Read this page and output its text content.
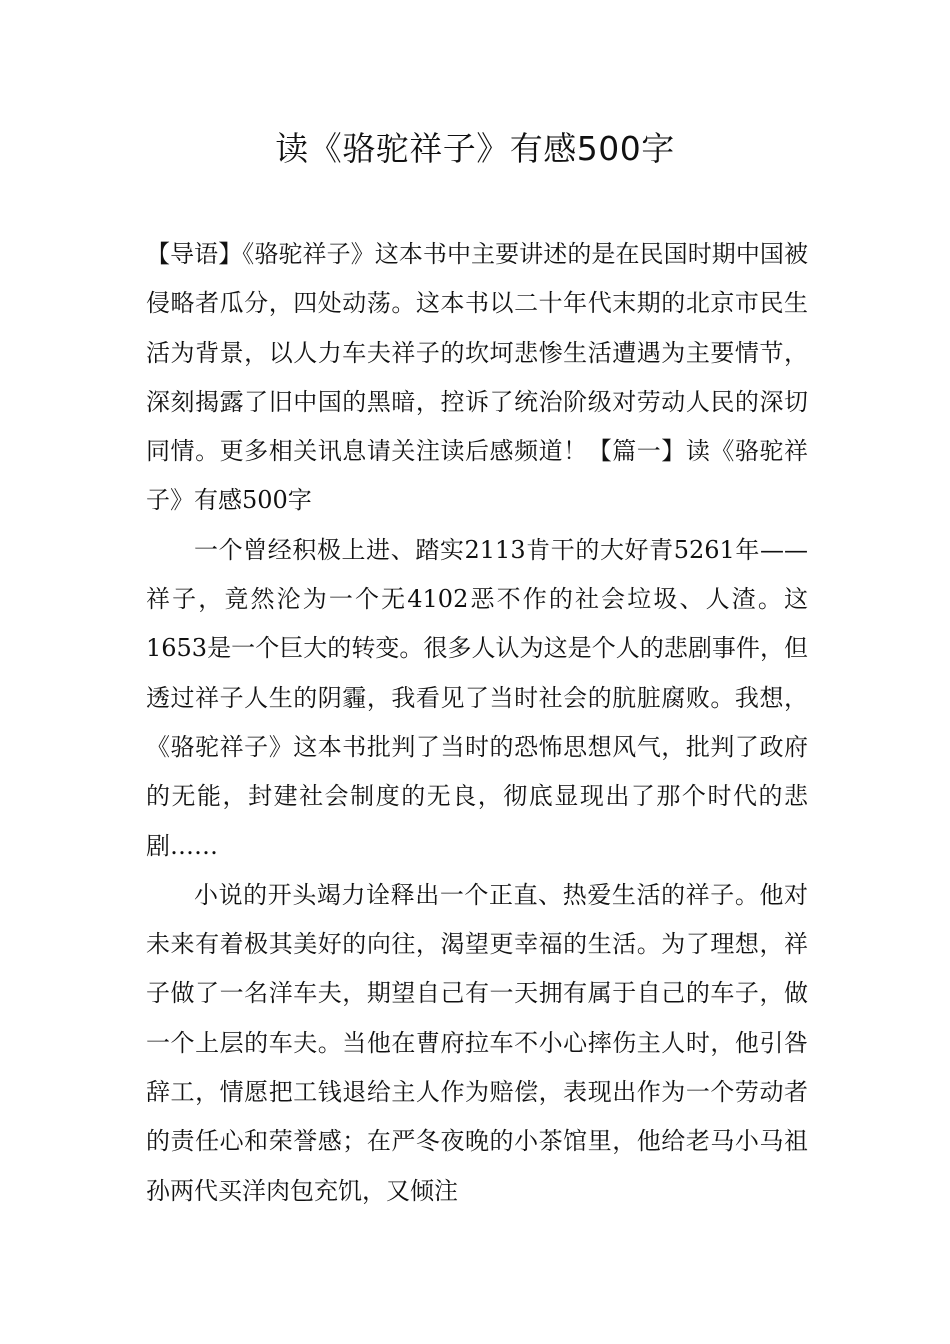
读《骆驼祥子》有感500字

【导语】《骆驼祥子》这本书中主要讲述的是在民国时期中国被侵略者瓜分，四处动荡。这本书以二十年代末期的北京市民生活为背景，以人力车夫祥子的坎坷悲惨生活遭遇为主要情节，深刻揭露了旧中国的黑暗，控诉了统治阶级对劳动人民的深切同情。更多相关讯息请关注读后感频道！【篇一】读《骆驼祥子》有感500字

一个曾经积极上进、踏实2113肯干的大好青5261年——祥子，竟然沦为一个无4102恶不作的社会垃圾、人渣。这1653是一个巨大的转变。很多人认为这是个人的悲剧事件，但透过祥子人生的阴霾，我看见了当时社会的肮脏腐败。我想，《骆驼祥子》这本书批判了当时的恐怖思想风气，批判了政府的无能，封建社会制度的无良，彻底显现出了那个时代的悲剧……

小说的开头竭力诠释出一个正直、热爱生活的祥子。他对未来有着极其美好的向往，渴望更幸福的生活。为了理想，祥子做了一名洋车夫，期望自己有一天拥有属于自己的车子，做一个上层的车夫。当他在曹府拉车不小心摔伤主人时，他引咎辞工，情愿把工钱退给主人作为赔偿，表现出作为一个劳动者的责任心和荣誉感；在严冬夜晚的小茶馆里，他给老马小马祖孙两代买洋肉包充饥，又倾注
